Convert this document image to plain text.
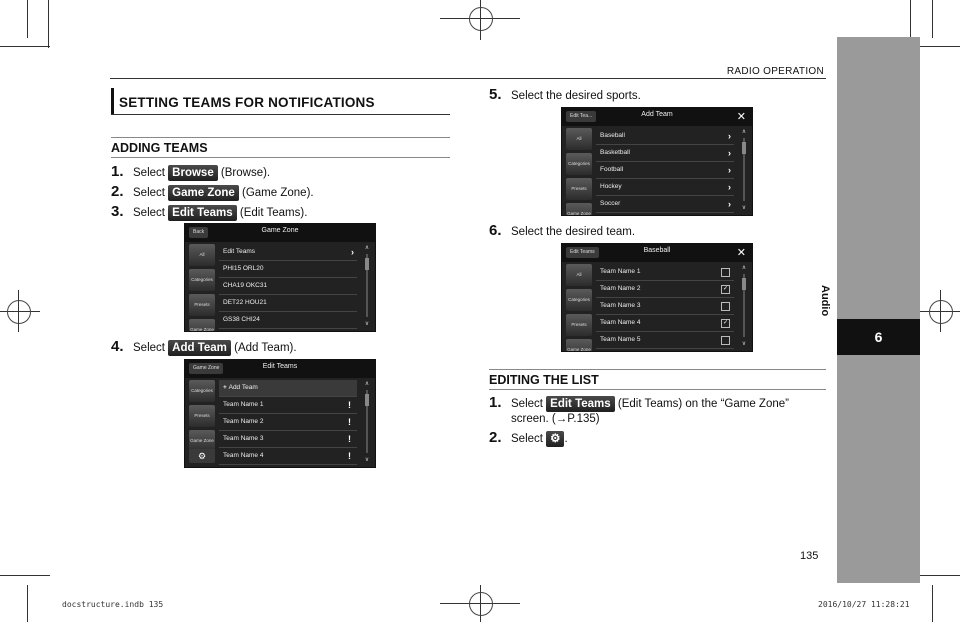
Audio
6
RADIO OPERATION
SETTING TEAMS FOR NOTIFICATIONS
ADDING TEAMS
1. Select Browse (Browse).
2. Select Game Zone (Game Zone).
3. Select Edit Teams (Edit Teams).
Back	Game Zone
All
Categories
Presets
Game Zone
Edit Teams	›
PHI15 ORL20
CHA19 OKC31
DET22 HOU21
GS38 CHI24
∧
∨
4. Select Add Team (Add Team).
Game Zone	Edit Teams
Categories
Presets
Game Zone
+ Add Team
Team Name 1	!
Team Name 2	!
Team Name 3	!
Team Name 4	!
⚙
∧
∨
5. Select the desired sports.
Edit Tea...	Add Team	✕
All
Categories
Presets
Game Zone
Baseball	›
Basketball	›
Football	›
Hockey	›
Soccer	›
∧
∨
6. Select the desired team.
Edit Teams	Baseball	✕
All
Categories
Presets
Game Zone
Team Name 1
Team Name 2	✓
Team Name 3
Team Name 4	✓
Team Name 5
∧
∨
EDITING THE LIST
1. Select Edit Teams (Edit Teams) on the “Game Zone”
screen. (→P.135)
2. Select ⚙ .
135
docstructure.indb 135	2016/10/27 11:28:21
